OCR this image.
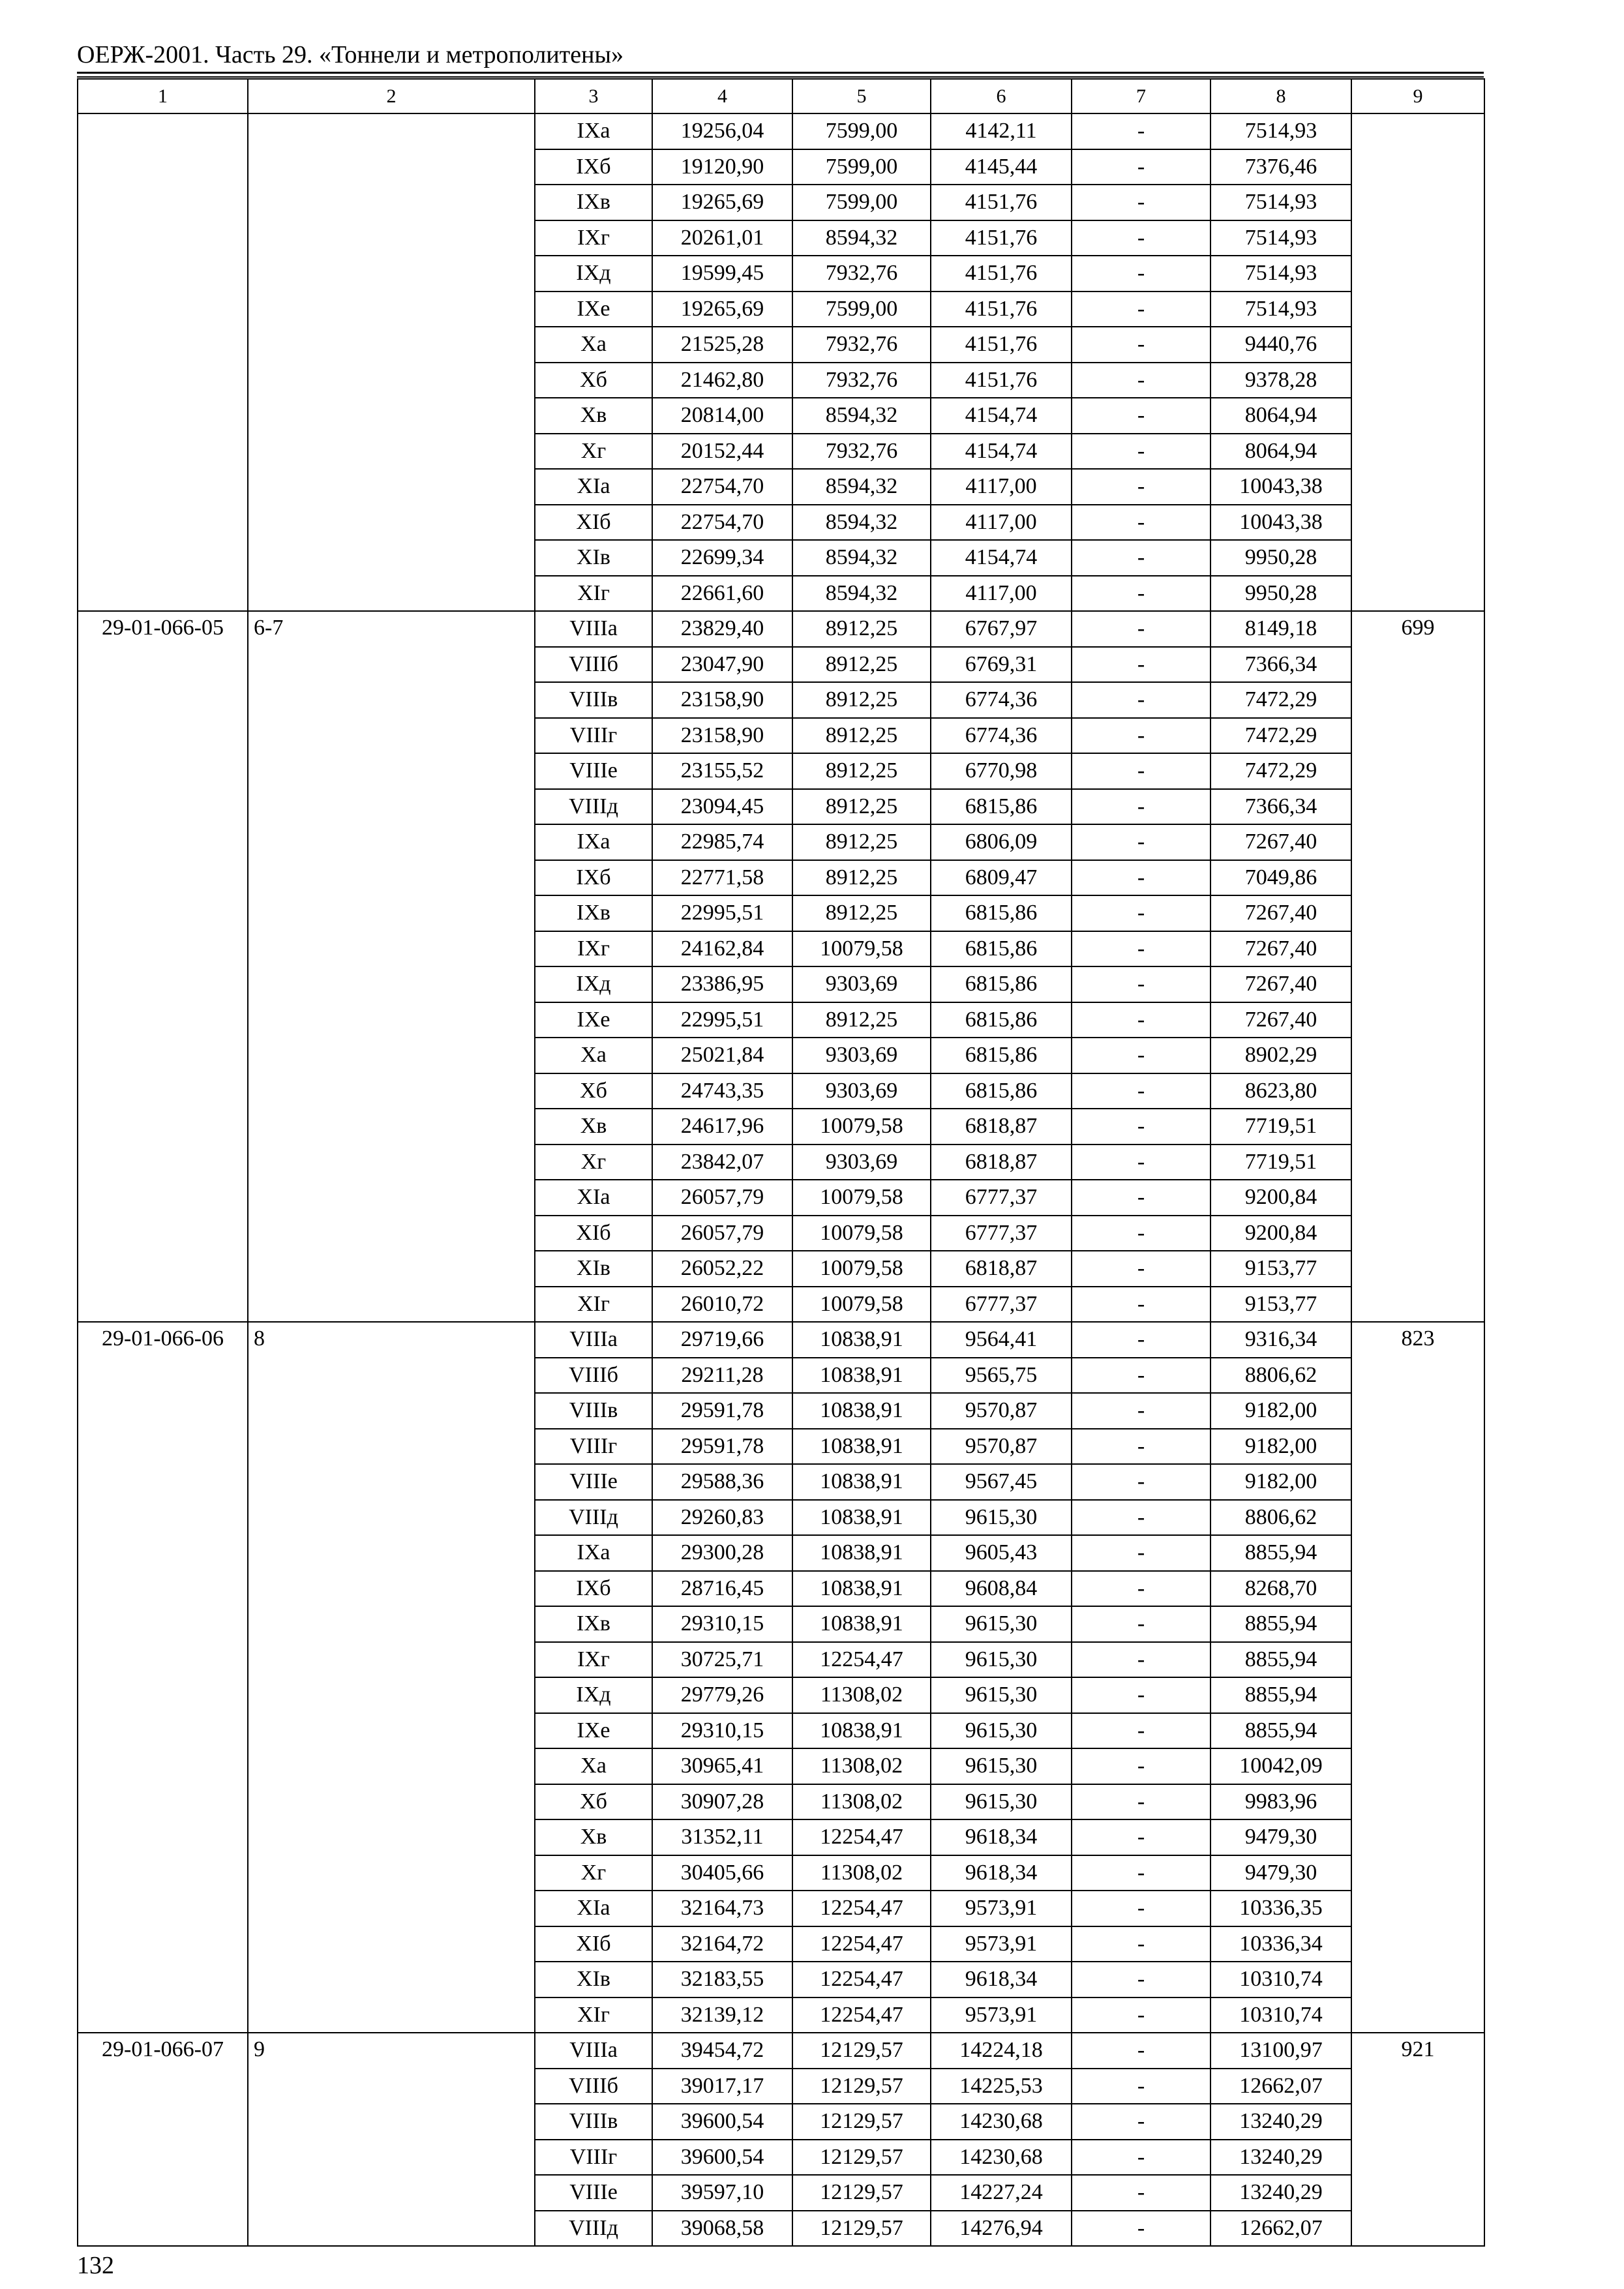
ОЕРЖ-2001. Часть 29. «Тоннели и метрополитены»
1	2	3	4	5	6	7	8	9
		IXа	19256,04	7599,00	4142,11	-	7514,93	
		IXб	19120,90	7599,00	4145,44	-	7376,46	
		IXв	19265,69	7599,00	4151,76	-	7514,93	
		IXг	20261,01	8594,32	4151,76	-	7514,93	
		IXд	19599,45	7932,76	4151,76	-	7514,93	
		IXе	19265,69	7599,00	4151,76	-	7514,93	
		Xа	21525,28	7932,76	4151,76	-	9440,76	
		Xб	21462,80	7932,76	4151,76	-	9378,28	
		Xв	20814,00	8594,32	4154,74	-	8064,94	
		Xг	20152,44	7932,76	4154,74	-	8064,94	
		XIа	22754,70	8594,32	4117,00	-	10043,38	
		XIб	22754,70	8594,32	4117,00	-	10043,38	
		XIв	22699,34	8594,32	4154,74	-	9950,28	
		XIг	22661,60	8594,32	4117,00	-	9950,28	
29-01-066-05	6-7	VIIIа	23829,40	8912,25	6767,97	-	8149,18	699
		VIIIб	23047,90	8912,25	6769,31	-	7366,34	
		VIIIв	23158,90	8912,25	6774,36	-	7472,29	
		VIIIг	23158,90	8912,25	6774,36	-	7472,29	
		VIIIе	23155,52	8912,25	6770,98	-	7472,29	
		VIIIд	23094,45	8912,25	6815,86	-	7366,34	
		IXа	22985,74	8912,25	6806,09	-	7267,40	
		IXб	22771,58	8912,25	6809,47	-	7049,86	
		IXв	22995,51	8912,25	6815,86	-	7267,40	
		IXг	24162,84	10079,58	6815,86	-	7267,40	
		IXд	23386,95	9303,69	6815,86	-	7267,40	
		IXе	22995,51	8912,25	6815,86	-	7267,40	
		Xа	25021,84	9303,69	6815,86	-	8902,29	
		Xб	24743,35	9303,69	6815,86	-	8623,80	
		Xв	24617,96	10079,58	6818,87	-	7719,51	
		Xг	23842,07	9303,69	6818,87	-	7719,51	
		XIа	26057,79	10079,58	6777,37	-	9200,84	
		XIб	26057,79	10079,58	6777,37	-	9200,84	
		XIв	26052,22	10079,58	6818,87	-	9153,77	
		XIг	26010,72	10079,58	6777,37	-	9153,77	
29-01-066-06	8	VIIIа	29719,66	10838,91	9564,41	-	9316,34	823
		VIIIб	29211,28	10838,91	9565,75	-	8806,62	
		VIIIв	29591,78	10838,91	9570,87	-	9182,00	
		VIIIг	29591,78	10838,91	9570,87	-	9182,00	
		VIIIе	29588,36	10838,91	9567,45	-	9182,00	
		VIIIд	29260,83	10838,91	9615,30	-	8806,62	
		IXа	29300,28	10838,91	9605,43	-	8855,94	
		IXб	28716,45	10838,91	9608,84	-	8268,70	
		IXв	29310,15	10838,91	9615,30	-	8855,94	
		IXг	30725,71	12254,47	9615,30	-	8855,94	
		IXд	29779,26	11308,02	9615,30	-	8855,94	
		IXе	29310,15	10838,91	9615,30	-	8855,94	
		Xа	30965,41	11308,02	9615,30	-	10042,09	
		Xб	30907,28	11308,02	9615,30	-	9983,96	
		Xв	31352,11	12254,47	9618,34	-	9479,30	
		Xг	30405,66	11308,02	9618,34	-	9479,30	
		XIа	32164,73	12254,47	9573,91	-	10336,35	
		XIб	32164,72	12254,47	9573,91	-	10336,34	
		XIв	32183,55	12254,47	9618,34	-	10310,74	
		XIг	32139,12	12254,47	9573,91	-	10310,74	
29-01-066-07	9	VIIIа	39454,72	12129,57	14224,18	-	13100,97	921
		VIIIб	39017,17	12129,57	14225,53	-	12662,07	
		VIIIв	39600,54	12129,57	14230,68	-	13240,29	
		VIIIг	39600,54	12129,57	14230,68	-	13240,29	
		VIIIе	39597,10	12129,57	14227,24	-	13240,29	
		VIIIд	39068,58	12129,57	14276,94	-	12662,07	
132
